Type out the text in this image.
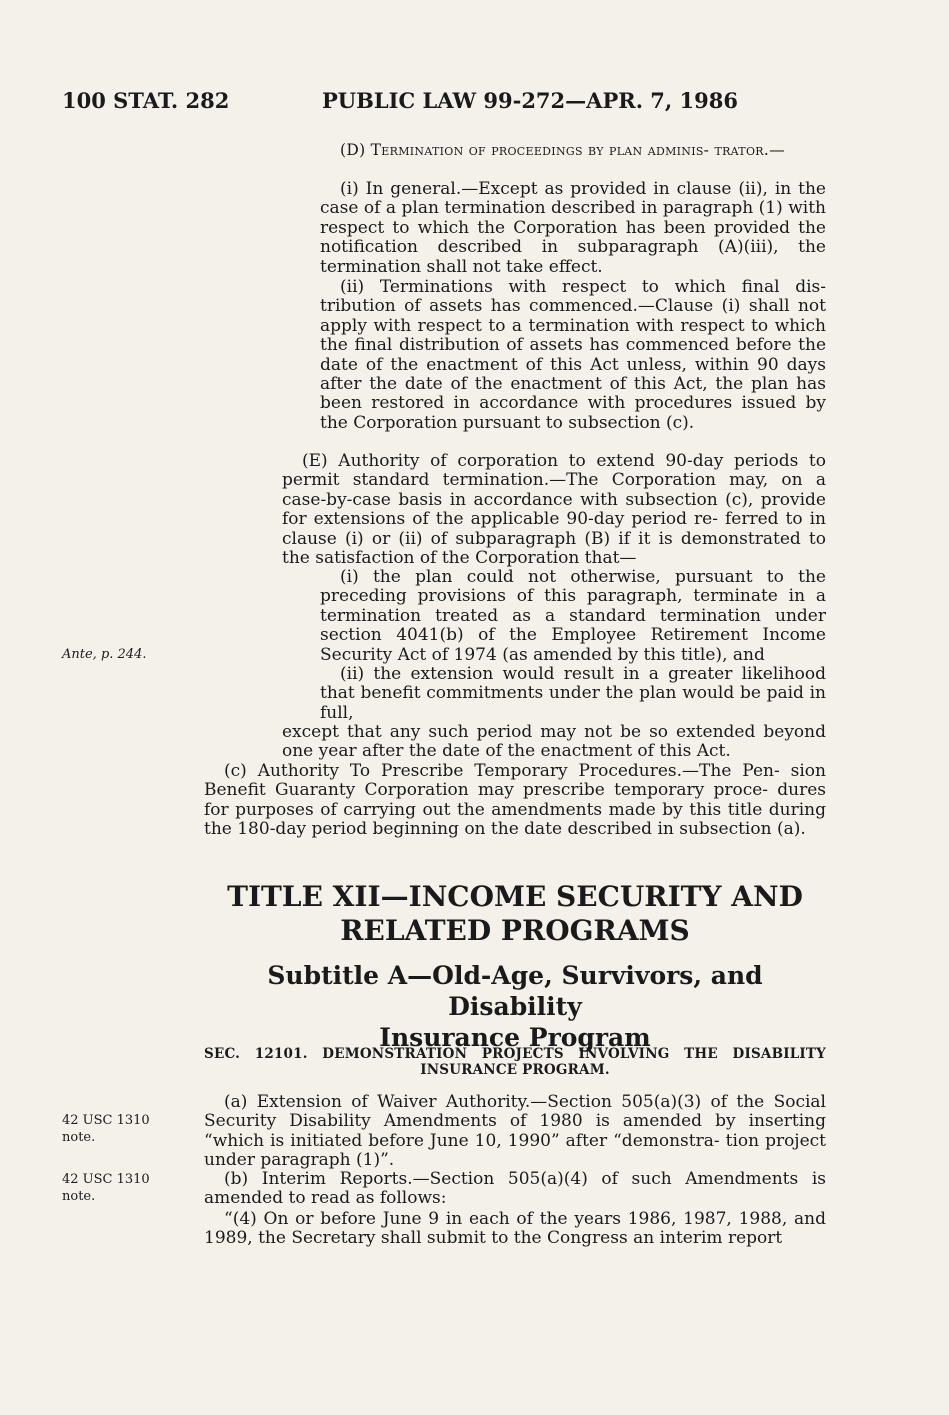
100 STAT. 282	PUBLIC LAW 99-272—APR. 7, 1986
(D) Termination of proceedings by plan adminis- trator.—
(i) In general.—Except as provided in clause (ii), in the case of a plan termination described in paragraph (1) with respect to which the Corporation has been provided the notification described in subparagraph (A)(iii), the termination shall not take effect.
(ii) Terminations with respect to which final dis- tribution of assets has commenced.—Clause (i) shall not apply with respect to a termination with respect to which the final distribution of assets has commenced before the date of the enactment of this Act unless, within 90 days after the date of the enactment of this Act, the plan has been restored in accordance with procedures issued by the Corporation pursuant to subsection (c).
(E) Authority of corporation to extend 90-day periods to permit standard termination.—The Corporation may, on a case-by-case basis in accordance with subsection (c), provide for extensions of the applicable 90-day period re- ferred to in clause (i) or (ii) of subparagraph (B) if it is demonstrated to the satisfaction of the Corporation that—
(i) the plan could not otherwise, pursuant to the preceding provisions of this paragraph, terminate in a termination treated as a standard termination under section 4041(b) of the Employee Retirement Income Security Act of 1974 (as amended by this title), and
(ii) the extension would result in a greater likelihood that benefit commitments under the plan would be paid in full,
except that any such period may not be so extended beyond one year after the date of the enactment of this Act.
(c) Authority To Prescribe Temporary Procedures.—The Pen- sion Benefit Guaranty Corporation may prescribe temporary proce- dures for purposes of carrying out the amendments made by this title during the 180-day period beginning on the date described in subsection (a).
TITLE XII—INCOME SECURITY AND
RELATED PROGRAMS
Subtitle A—Old-Age, Survivors, and Disability
Insurance Program
SEC. 12101. DEMONSTRATION PROJECTS INVOLVING THE DISABILITY
INSURANCE PROGRAM.
(a) Extension of Waiver Authority.—Section 505(a)(3) of the Social Security Disability Amendments of 1980 is amended by inserting “which is initiated before June 10, 1990” after “demonstra- tion project under paragraph (1)”.
(b) Interim Reports.—Section 505(a)(4) of such Amendments is amended to read as follows:
“(4) On or before June 9 in each of the years 1986, 1987, 1988, and 1989, the Secretary shall submit to the Congress an interim report
Ante, p. 244.
42 USC 1310
note.
42 USC 1310
note.
